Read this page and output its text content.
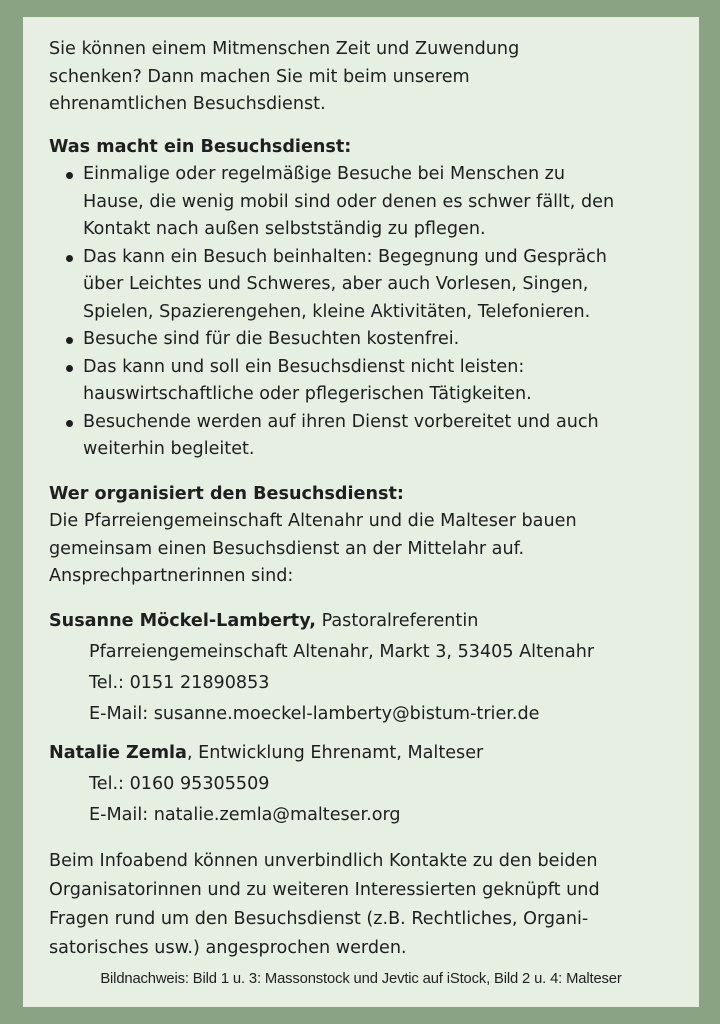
Sie können einem Mitmenschen Zeit und Zuwendung
schenken? Dann machen Sie mit beim unserem
ehrenamtlichen Besuchsdienst.

Was macht ein Besuchsdienst:
Einmalige oder regelmäßige Besuche bei Menschen zu
Hause, die wenig mobil sind oder denen es schwer fällt, den
Kontakt nach außen selbstständig zu pflegen.
Das kann ein Besuch beinhalten: Begegnung und Gespräch
über Leichtes und Schweres, aber auch Vorlesen, Singen,
Spielen, Spazierengehen, kleine Aktivitäten, Telefonieren.
Besuche sind für die Besuchten kostenfrei.
Das kann und soll ein Besuchsdienst nicht leisten:
hauswirtschaftliche oder pflegerischen Tätigkeiten.
Besuchende werden auf ihren Dienst vorbereitet und auch
weiterhin begleitet.
Wer organisiert den Besuchsdienst:

Die Pfarreiengemeinschaft Altenahr und die Malteser bauen
gemeinsam einen Besuchsdienst an der Mittelahr auf.
Ansprechpartnerinnen sind:

Susanne Möckel-Lamberty, Pastoralreferentin
Pfarreiengemeinschaft Altenahr, Markt 3, 53405 Altenahr
Tel.: 0151 21890853
E-Mail: susanne.moeckel-lamberty@bistum-trier.de
Natalie Zemla, Entwicklung Ehrenamt, Malteser
Tel.: 0160 95305509
E-Mail: natalie.zemla@malteser.org

Beim Infoabend können unverbindlich Kontakte zu den beiden
Organisatorinnen und zu weiteren Interessierten geknüpft und
Fragen rund um den Besuchsdienst (z.B. Rechtliches, Organi-
satorisches usw.) angesprochen werden.

Bildnachweis: Bild 1 u. 3: Massonstock und Jevtic auf iStock, Bild 2 u. 4: Malteser
